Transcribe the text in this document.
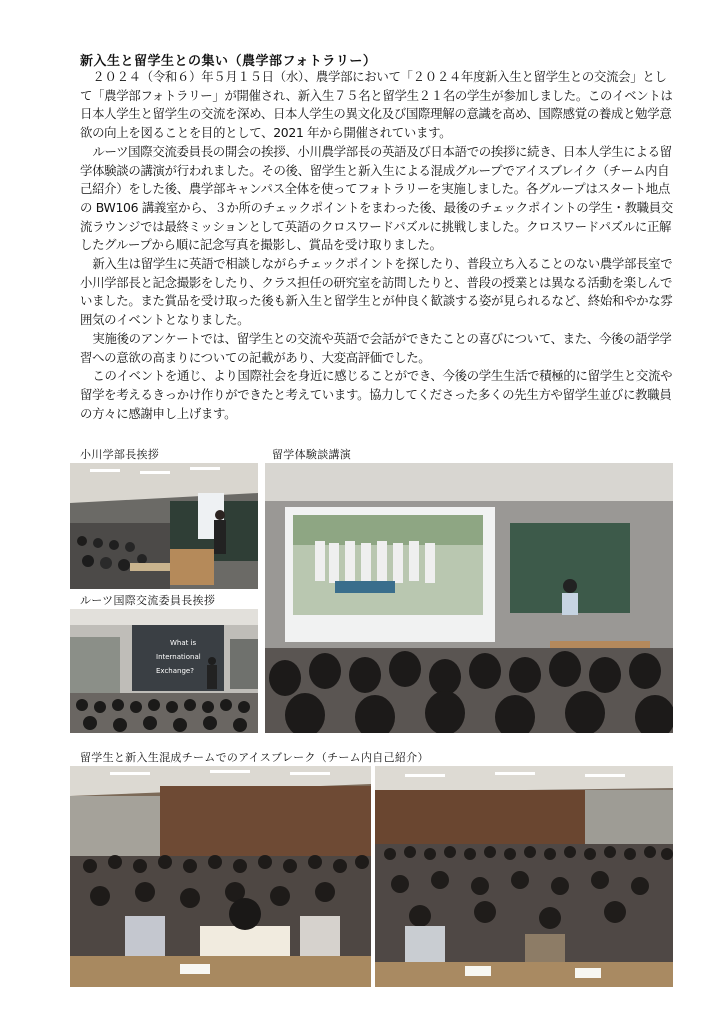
新入生と留学生との集い（農学部フォトラリー）

２０２４（令和６）年５月１５日（水）、農学部において「２０２４年度新入生と留学生との交流会」として「農学部フォトラリー」が開催され、新入生７５名と留学生２１名の学生が参加しました。このイベントは日本人学生と留学生の交流を深め、日本人学生の異文化及び国際理解の意識を高め、国際感覚の養成と勉学意欲の向上を図ることを目的として、2021 年から開催されています。

ルーツ国際交流委員長の開会の挨拶、小川農学部長の英語及び日本語での挨拶に続き、日本人学生による留学体験談の講演が行われました。その後、留学生と新入生による混成グループでアイスブレイク（チーム内自己紹介）をした後、農学部キャンパス全体を使ってフォトラリーを実施しました。各グループはスタート地点の BW106 講義室から、３か所のチェックポイントをまわった後、最後のチェックポイントの学生・教職員交流ラウンジでは最終ミッションとして英語のクロスワードパズルに挑戦しました。クロスワードパズルに正解したグループから順に記念写真を撮影し、賞品を受け取りました。

新入生は留学生に英語で相談しながらチェックポイントを探したり、普段立ち入ることのない農学部長室で小川学部長と記念撮影をしたり、クラス担任の研究室を訪問したりと、普段の授業とは異なる活動を楽しんでいました。また賞品を受け取った後も新入生と留学生とが仲良く歓談する姿が見られるなど、終始和やかな雰囲気のイベントとなりました。

実施後のアンケートでは、留学生との交流や英語で会話ができたことの喜びについて、また、今後の語学学習への意欲の高まりについての記載があり、大変高評価でした。

このイベントを通じ、より国際社会を身近に感じることができ、今後の学生生活で積極的に留学生と交流や留学を考えるきっかけ作りができたと考えています。協力してくださった多くの先生方や留学生並びに教職員の方々に感謝申し上げます。

小川学部長挨拶	留学体験談講演
ルーツ国際交流委員長挨拶
留学生と新入生混成チームでのアイスブレーク（チーム内自己紹介）
What is
International
Exchange?
